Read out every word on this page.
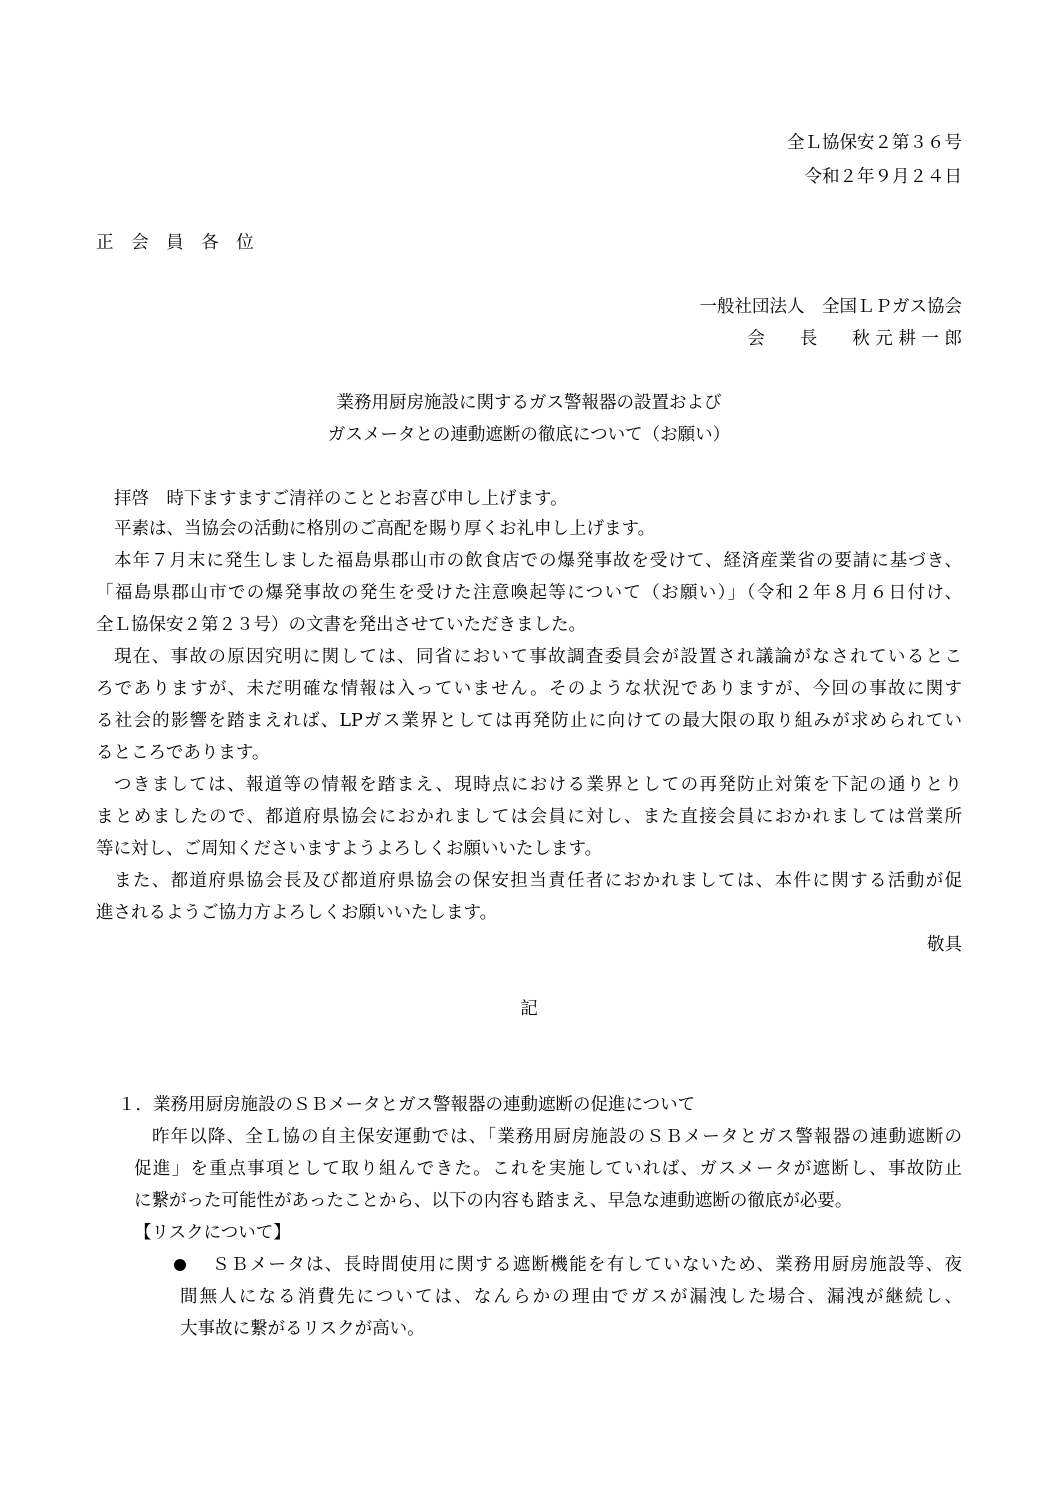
全Ｌ協保安２第３６号
令和２年９月２４日
正 会 員 各 位
一般社団法人　全国ＬＰガス協会
会　　長　　秋 元 耕 一 郎
業務用厨房施設に関するガス警報器の設置および
ガスメータとの連動遮断の徹底について（お願い）
拝啓　時下ますますご清祥のこととお喜び申し上げます。
平素は、当協会の活動に格別のご高配を賜り厚くお礼申し上げます。
本年７月末に発生しました福島県郡山市の飲食店での爆発事故を受けて、経済産業省の要請に基づき、
「福島県郡山市での爆発事故の発生を受けた注意喚起等について（お願い）」（令和２年８月６日付け、
全Ｌ協保安２第２３号）の文書を発出させていただきました。
現在、事故の原因究明に関しては、同省において事故調査委員会が設置され議論がなされているとこ
ろでありますが、未だ明確な情報は入っていません。そのような状況でありますが、今回の事故に関す
る社会的影響を踏まえれば、LPガス業界としては再発防止に向けての最大限の取り組みが求められてい
るところであります。
つきましては、報道等の情報を踏まえ、現時点における業界としての再発防止対策を下記の通りとり
まとめましたので、都道府県協会におかれましては会員に対し、また直接会員におかれましては営業所
等に対し、ご周知くださいますようよろしくお願いいたします。
また、都道府県協会長及び都道府県協会の保安担当責任者におかれましては、本件に関する活動が促
進されるようご協力方よろしくお願いいたします。
敬具
記
１．業務用厨房施設のＳＢメータとガス警報器の連動遮断の促進について
昨年以降、全Ｌ協の自主保安運動では、「業務用厨房施設のＳＢメータとガス警報器の連動遮断の
促進」を重点事項として取り組んできた。これを実施していれば、ガスメータが遮断し、事故防止
に繋がった可能性があったことから、以下の内容も踏まえ、早急な連動遮断の徹底が必要。
【リスクについて】
ＳＢメータは、長時間使用に関する遮断機能を有していないため、業務用厨房施設等、夜
間無人になる消費先については、なんらかの理由でガスが漏洩した場合、漏洩が継続し、
大事故に繋がるリスクが高い。
